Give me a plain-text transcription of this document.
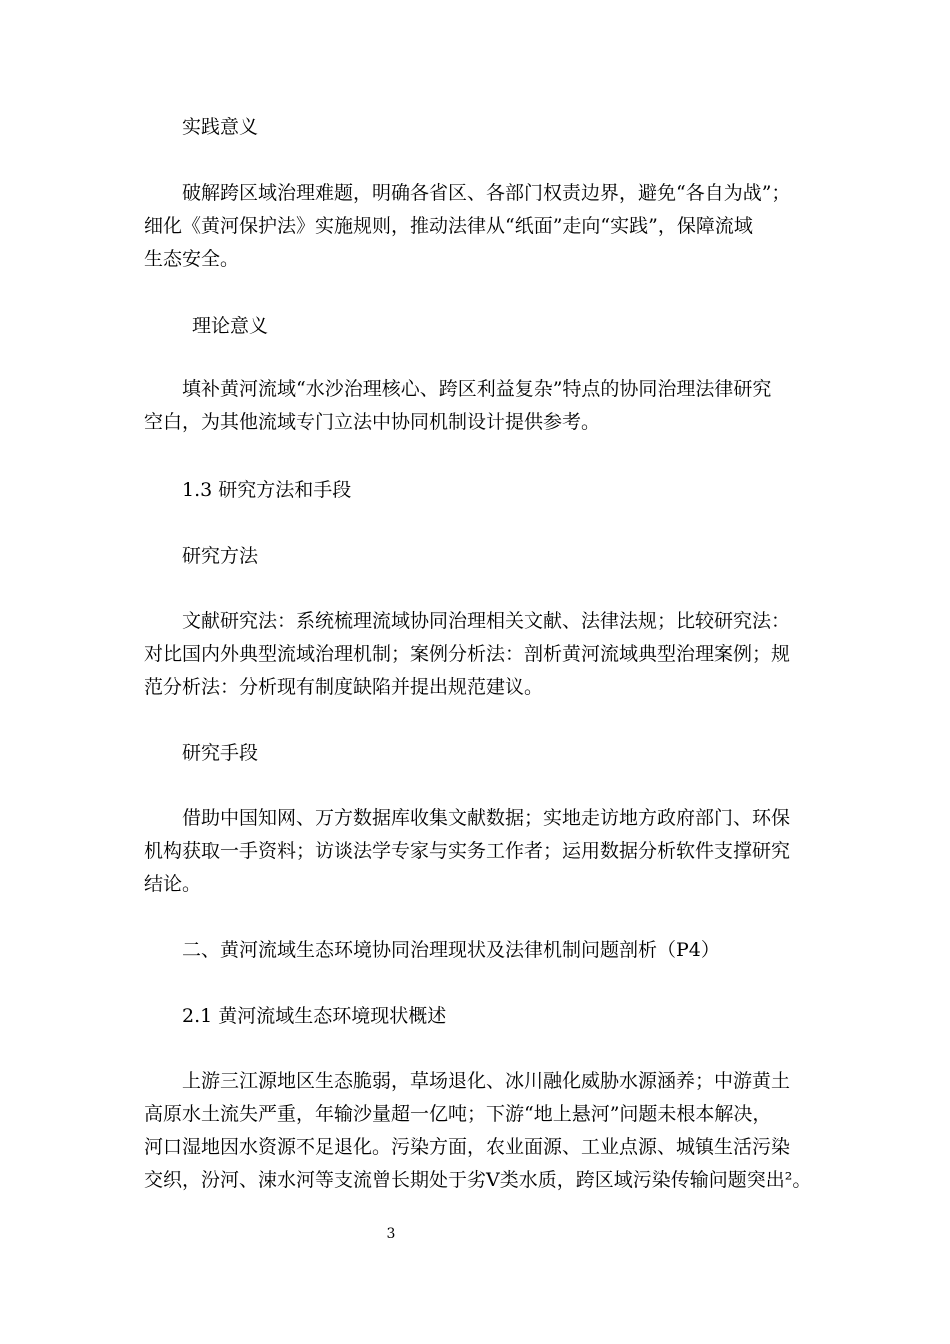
实践意义

破解跨区域治理难题，明确各省区、各部门权责边界，避免“各自为战”；
细化《黄河保护法》实施规则，推动法律从“纸面”走向“实践”，保障流域
生态安全。

理论意义

填补黄河流域“水沙治理核心、跨区利益复杂”特点的协同治理法律研究
空白，为其他流域专门立法中协同机制设计提供参考。

1.3 研究方法和手段

研究方法

文献研究法：系统梳理流域协同治理相关文献、法律法规；比较研究法：
对比国内外典型流域治理机制；案例分析法：剖析黄河流域典型治理案例；规
范分析法：分析现有制度缺陷并提出规范建议。

研究手段

借助中国知网、万方数据库收集文献数据；实地走访地方政府部门、环保
机构获取一手资料；访谈法学专家与实务工作者；运用数据分析软件支撑研究
结论。

二、黄河流域生态环境协同治理现状及法律机制问题剖析（P4）

2.1 黄河流域生态环境现状概述

上游三江源地区生态脆弱，草场退化、冰川融化威胁水源涵养；中游黄土
高原水土流失严重，年输沙量超一亿吨；下游“地上悬河”问题未根本解决，
河口湿地因水资源不足退化。污染方面，农业面源、工业点源、城镇生活污染
交织，汾河、涑水河等支流曾长期处于劣Ⅴ类水质，跨区域污染传输问题突出²。
3
